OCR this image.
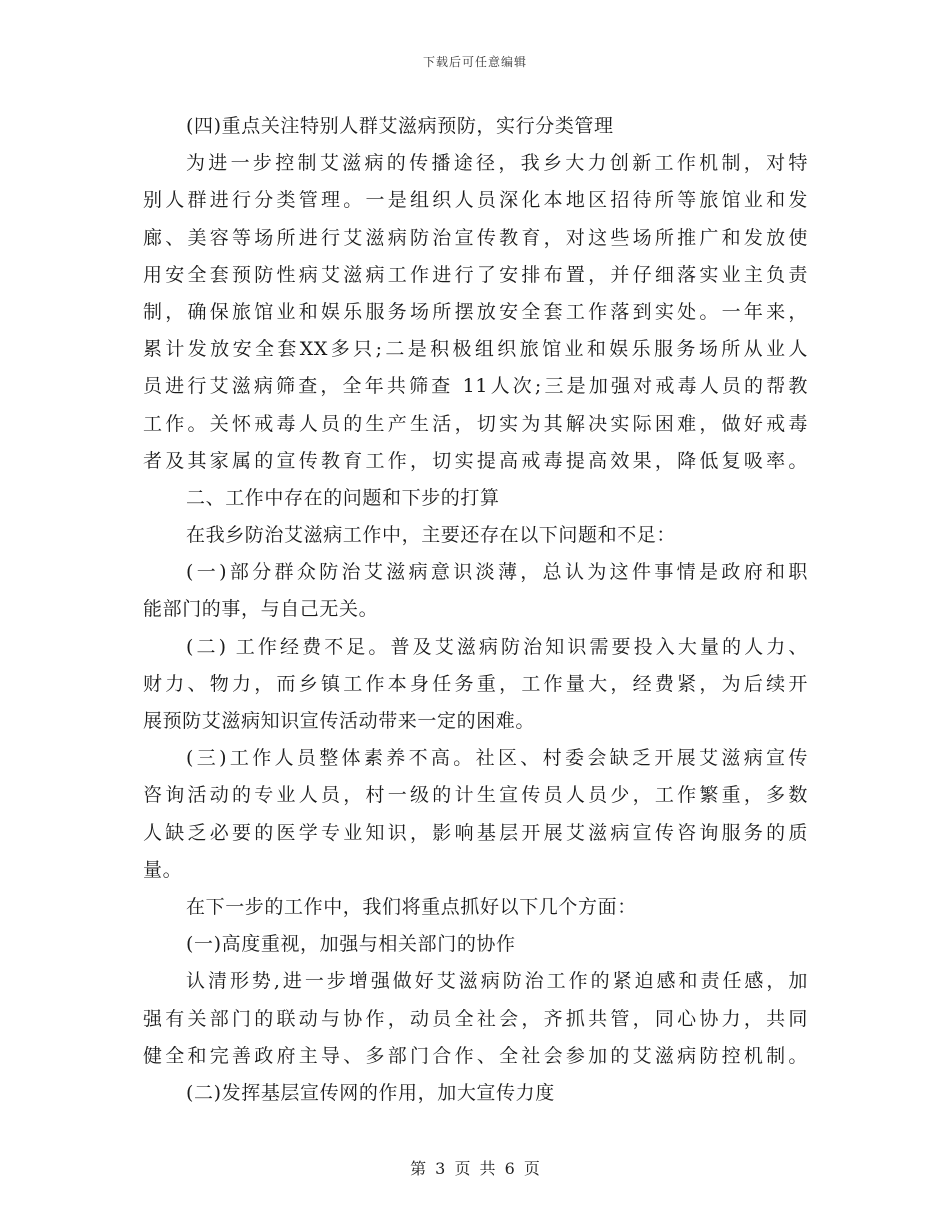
下载后可任意编辑
(四)重点关注特别人群艾滋病预防，实行分类管理
为进一步控制艾滋病的传播途径，我乡大力创新工作机制，对特
别人群进行分类管理。一是组织人员深化本地区招待所等旅馆业和发
廊、美容等场所进行艾滋病防治宣传教育，对这些场所推广和发放使
用安全套预防性病艾滋病工作进行了安排布置，并仔细落实业主负责
制，确保旅馆业和娱乐服务场所摆放安全套工作落到实处。一年来，
累计发放安全套XX多只;二是积极组织旅馆业和娱乐服务场所从业人
员进行艾滋病筛查，全年共筛查 11人次;三是加强对戒毒人员的帮教
工作。关怀戒毒人员的生产生活，切实为其解决实际困难，做好戒毒
者及其家属的宣传教育工作，切实提高戒毒提高效果，降低复吸率。
二、工作中存在的问题和下步的打算
在我乡防治艾滋病工作中，主要还存在以下问题和不足：
(一)部分群众防治艾滋病意识淡薄，总认为这件事情是政府和职
能部门的事，与自己无关。
(二) 工作经费不足。普及艾滋病防治知识需要投入大量的人力、
财力、物力，而乡镇工作本身任务重，工作量大，经费紧，为后续开
展预防艾滋病知识宣传活动带来一定的困难。
(三)工作人员整体素养不高。社区、村委会缺乏开展艾滋病宣传
咨询活动的专业人员，村一级的计生宣传员人员少，工作繁重，多数
人缺乏必要的医学专业知识，影响基层开展艾滋病宣传咨询服务的质
量。
在下一步的工作中，我们将重点抓好以下几个方面：
(一)高度重视，加强与相关部门的协作
认清形势,进一步增强做好艾滋病防治工作的紧迫感和责任感，加
强有关部门的联动与协作，动员全社会，齐抓共管，同心协力，共同
健全和完善政府主导、多部门合作、全社会参加的艾滋病防控机制。
(二)发挥基层宣传网的作用，加大宣传力度
第 3 页 共 6 页
